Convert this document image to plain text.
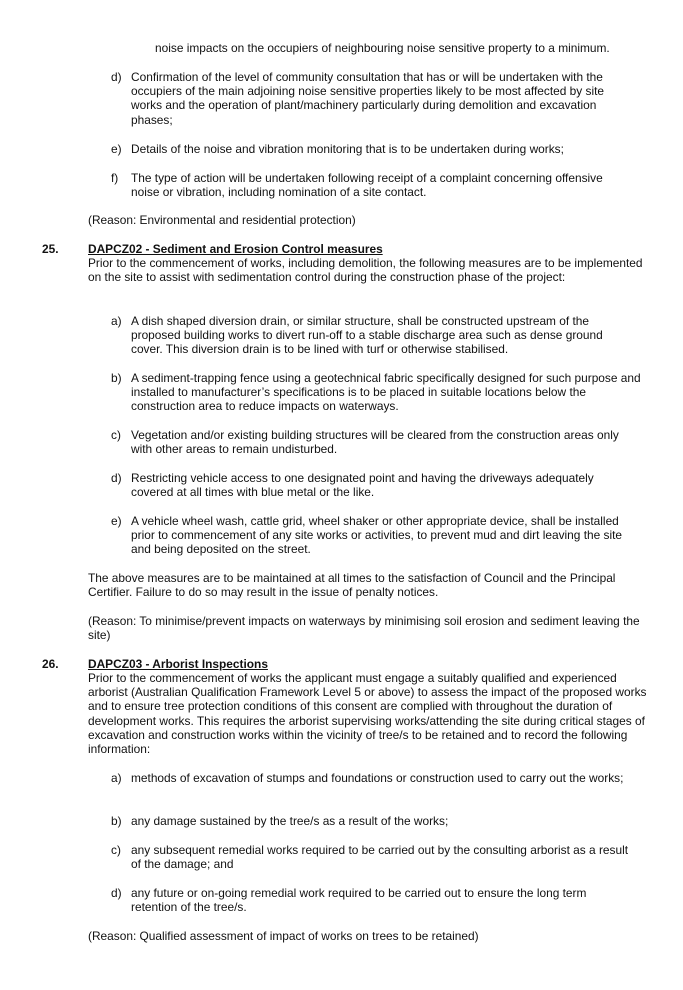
noise impacts on the occupiers of neighbouring noise sensitive property to a minimum.

d) Confirmation of the level of community consultation that has or will be undertaken with the occupiers of the main adjoining noise sensitive properties likely to be most affected by site works and the operation of plant/machinery particularly during demolition and excavation phases;

e) Details of the noise and vibration monitoring that is to be undertaken during works;

f) The type of action will be undertaken following receipt of a complaint concerning offensive noise or vibration, including nomination of a site contact.

(Reason: Environmental and residential protection)

25. DAPCZ02 - Sediment and Erosion Control measures

Prior to the commencement of works, including demolition, the following measures are to be implemented on the site to assist with sedimentation control during the construction phase of the project:

a) A dish shaped diversion drain, or similar structure, shall be constructed upstream of the proposed building works to divert run-off to a stable discharge area such as dense ground cover. This diversion drain is to be lined with turf or otherwise stabilised.

b) A sediment-trapping fence using a geotechnical fabric specifically designed for such purpose and installed to manufacturer’s specifications is to be placed in suitable locations below the construction area to reduce impacts on waterways.

c) Vegetation and/or existing building structures will be cleared from the construction areas only with other areas to remain undisturbed.

d) Restricting vehicle access to one designated point and having the driveways adequately covered at all times with blue metal or the like.

e) A vehicle wheel wash, cattle grid, wheel shaker or other appropriate device, shall be installed prior to commencement of any site works or activities, to prevent mud and dirt leaving the site and being deposited on the street.

The above measures are to be maintained at all times to the satisfaction of Council and the Principal Certifier. Failure to do so may result in the issue of penalty notices.

(Reason: To minimise/prevent impacts on waterways by minimising soil erosion and sediment leaving the site)

26. DAPCZ03 - Arborist Inspections

Prior to the commencement of works the applicant must engage a suitably qualified and experienced arborist (Australian Qualification Framework Level 5 or above) to assess the impact of the proposed works and to ensure tree protection conditions of this consent are complied with throughout the duration of development works. This requires the arborist supervising works/attending the site during critical stages of excavation and construction works within the vicinity of tree/s to be retained and to record the following information:

a) methods of excavation of stumps and foundations or construction used to carry out the works;

b) any damage sustained by the tree/s as a result of the works;

c) any subsequent remedial works required to be carried out by the consulting arborist as a result of the damage; and

d) any future or on-going remedial work required to be carried out to ensure the long term retention of the tree/s.

(Reason: Qualified assessment of impact of works on trees to be retained)
